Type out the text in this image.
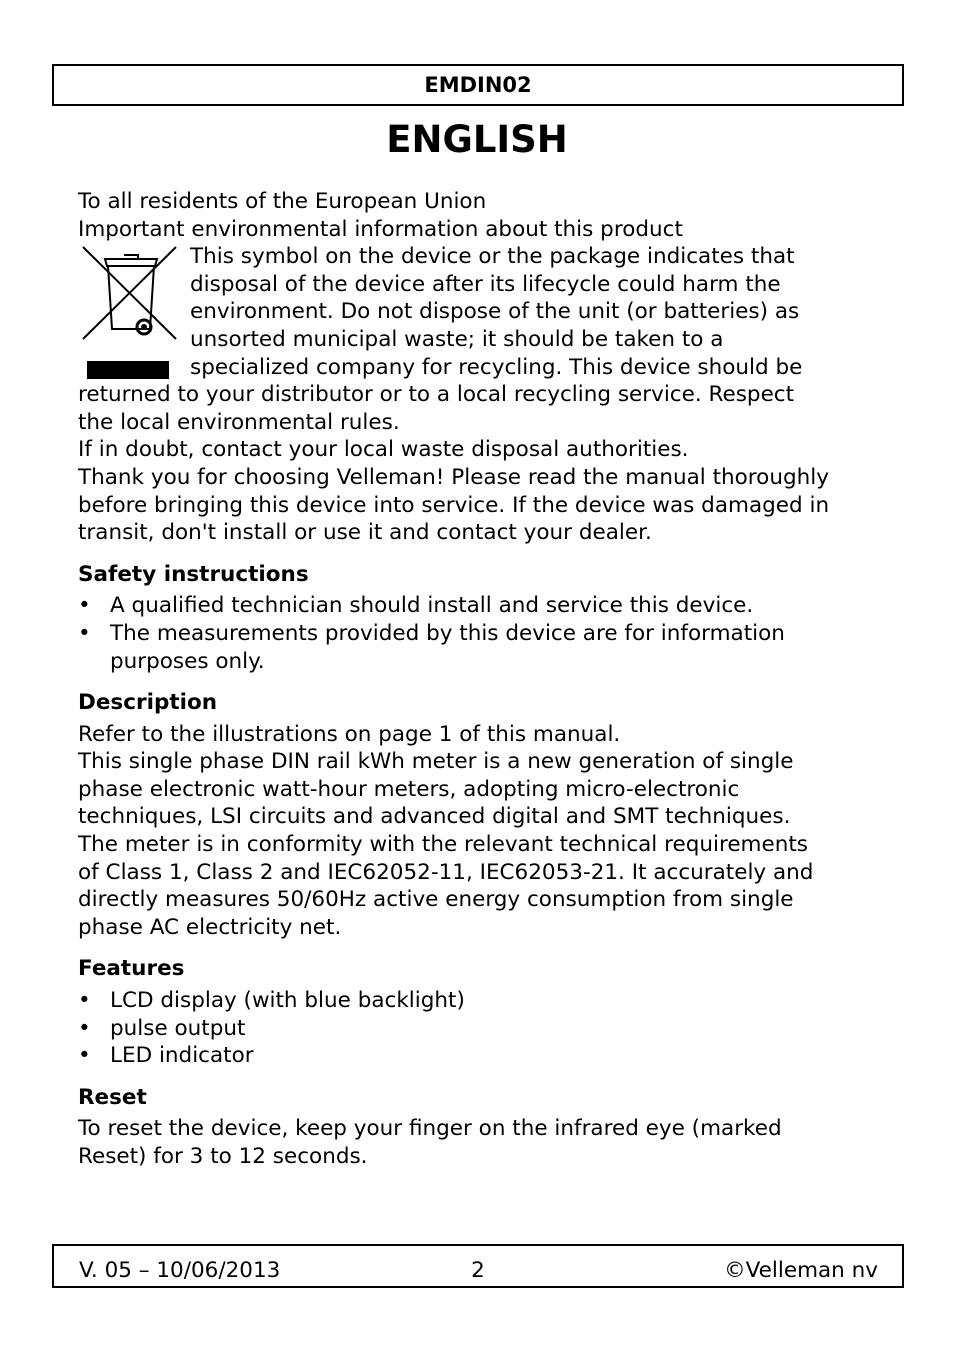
EMDIN02
ENGLISH
To all residents of the European Union
Important environmental information about this product
This symbol on the device or the package indicates that
disposal of the device after its lifecycle could harm the
environment. Do not dispose of the unit (or batteries) as
unsorted municipal waste; it should be taken to a
specialized company for recycling. This device should be
returned to your distributor or to a local recycling service. Respect
the local environmental rules.
If in doubt, contact your local waste disposal authorities.
Thank you for choosing Velleman! Please read the manual thoroughly
before bringing this device into service. If the device was damaged in
transit, don't install or use it and contact your dealer.
Safety instructions
• A qualified technician should install and service this device.
• The measurements provided by this device are for information
purposes only.
Description
Refer to the illustrations on page 1 of this manual.
This single phase DIN rail kWh meter is a new generation of single
phase electronic watt-hour meters, adopting micro-electronic
techniques, LSI circuits and advanced digital and SMT techniques.
The meter is in conformity with the relevant technical requirements
of Class 1, Class 2 and IEC62052-11, IEC62053-21. It accurately and
directly measures 50/60Hz active energy consumption from single
phase AC electricity net.
Features
• LCD display (with blue backlight)
• pulse output
• LED indicator
Reset
To reset the device, keep your finger on the infrared eye (marked
Reset) for 3 to 12 seconds.
V. 05 – 10/06/2013	2	©Velleman nv
